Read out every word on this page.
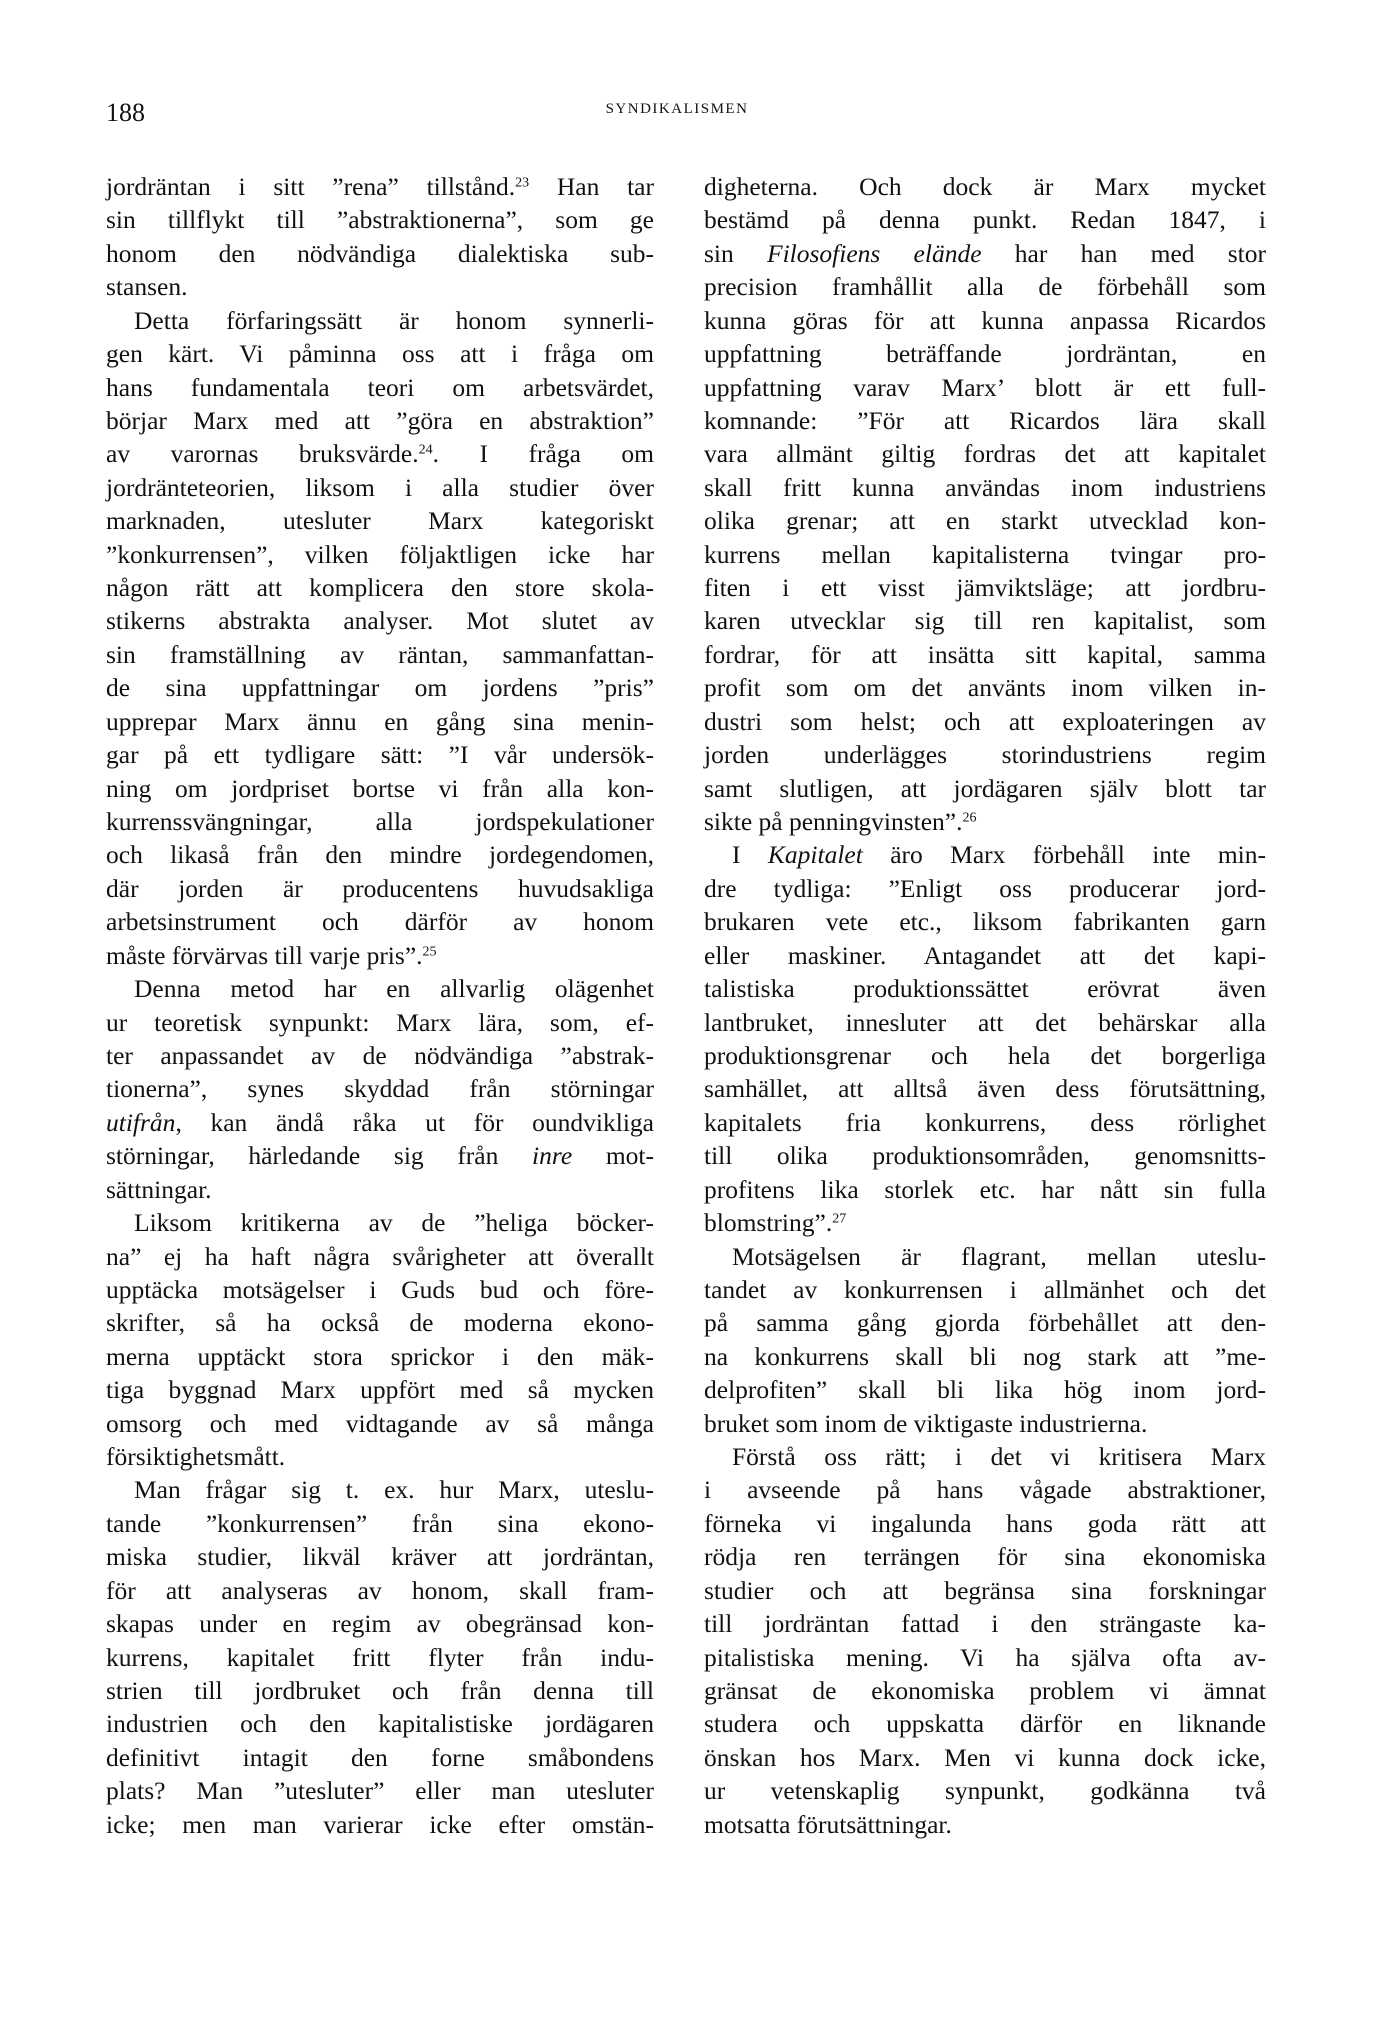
188	SYNDIKALISMEN
jordräntan i sitt ”rena” tillstånd.$^{23}$ Han tar
sin tillflykt till ”abstraktionerna”, som ge
honom den nödvändiga dialektiska sub-
stansen.
Detta förfaringssätt är honom synnerli-
gen kärt. Vi påminna oss att i fråga om
hans fundamentala teori om arbetsvärdet,
börjar Marx med att ”göra en abstraktion”
av varornas bruksvärde.$^{24}$. I fråga om
jordränteteorien, liksom i alla studier över
marknaden, utesluter Marx kategoriskt
”konkurrensen”, vilken följaktligen icke har
någon rätt att komplicera den store skola-
stikerns abstrakta analyser. Mot slutet av
sin framställning av räntan, sammanfattan-
de sina uppfattningar om jordens ”pris”
upprepar Marx ännu en gång sina menin-
gar på ett tydligare sätt: ”I vår undersök-
ning om jordpriset bortse vi från alla kon-
kurrenssvängningar, alla jordspekulationer
och likaså från den mindre jordegendomen,
där jorden är producentens huvudsakliga
arbetsinstrument och därför av honom
måste förvärvas till varje pris”.$^{25}$
Denna metod har en allvarlig olägenhet
ur teoretisk synpunkt: Marx lära, som, ef-
ter anpassandet av de nödvändiga ”abstrak-
tionerna”, synes skyddad från störningar
utifrån, kan ändå råka ut för oundvikliga
störningar, härledande sig från inre mot-
sättningar.
Liksom kritikerna av de ”heliga böcker-
na” ej ha haft några svårigheter att överallt
upptäcka motsägelser i Guds bud och före-
skrifter, så ha också de moderna ekono-
merna upptäckt stora sprickor i den mäk-
tiga byggnad Marx uppfört med så mycken
omsorg och med vidtagande av så många
försiktighetsmått.
Man frågar sig t. ex. hur Marx, uteslu-
tande ”konkurrensen” från sina ekono-
miska studier, likväl kräver att jordräntan,
för att analyseras av honom, skall fram-
skapas under en regim av obegränsad kon-
kurrens, kapitalet fritt flyter från indu-
strien till jordbruket och från denna till
industrien och den kapitalistiske jordägaren
definitivt intagit den forne småbondens
plats? Man ”utesluter” eller man utesluter
icke; men man varierar icke efter omstän-
digheterna. Och dock är Marx mycket
bestämd på denna punkt. Redan 1847, i
sin Filosofiens elände har han med stor
precision framhållit alla de förbehåll som
kunna göras för att kunna anpassa Ricardos
uppfattning beträffande jordräntan, en
uppfattning varav Marx’ blott är ett full-
komnande: ”För att Ricardos lära skall
vara allmänt giltig fordras det att kapitalet
skall fritt kunna användas inom industriens
olika grenar; att en starkt utvecklad kon-
kurrens mellan kapitalisterna tvingar pro-
fiten i ett visst jämviktsläge; att jordbru-
karen utvecklar sig till ren kapitalist, som
fordrar, för att insätta sitt kapital, samma
profit som om det använts inom vilken in-
dustri som helst; och att exploateringen av
jorden underlägges storindustriens regim
samt slutligen, att jordägaren själv blott tar
sikte på penningvinsten”.$^{26}$
I Kapitalet äro Marx förbehåll inte min-
dre tydliga: ”Enligt oss producerar jord-
brukaren vete etc., liksom fabrikanten garn
eller maskiner. Antagandet att det kapi-
talistiska produktionssättet erövrat även
lantbruket, innesluter att det behärskar alla
produktionsgrenar och hela det borgerliga
samhället, att alltså även dess förutsättning,
kapitalets fria konkurrens, dess rörlighet
till olika produktionsområden, genomsnitts-
profitens lika storlek etc. har nått sin fulla
blomstring”.$^{27}$
Motsägelsen är flagrant, mellan uteslu-
tandet av konkurrensen i allmänhet och det
på samma gång gjorda förbehållet att den-
na konkurrens skall bli nog stark att ”me-
delprofiten” skall bli lika hög inom jord-
bruket som inom de viktigaste industrierna.
Förstå oss rätt; i det vi kritisera Marx
i avseende på hans vågade abstraktioner,
förneka vi ingalunda hans goda rätt att
rödja ren terrängen för sina ekonomiska
studier och att begränsa sina forskningar
till jordräntan fattad i den strängaste ka-
pitalistiska mening. Vi ha själva ofta av-
gränsat de ekonomiska problem vi ämnat
studera och uppskatta därför en liknande
önskan hos Marx. Men vi kunna dock icke,
ur vetenskaplig synpunkt, godkänna två
motsatta förutsättningar.
